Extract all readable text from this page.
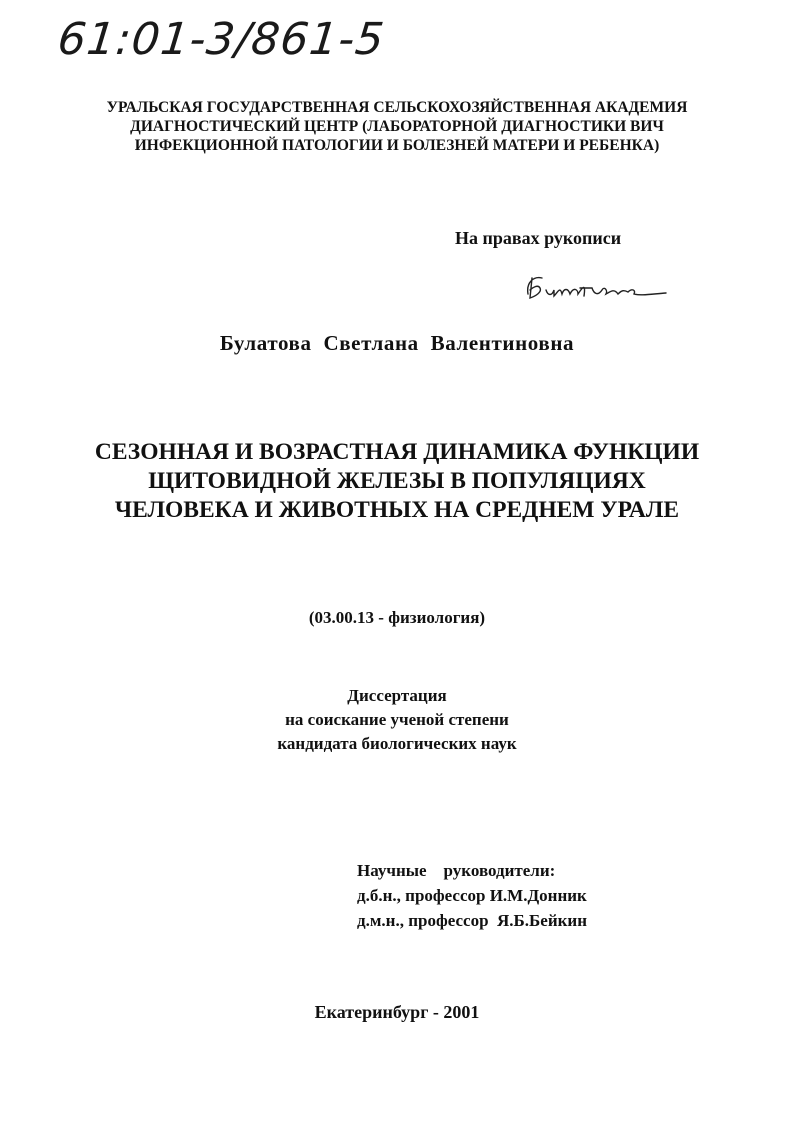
61:01-3/861-5
УРАЛЬСКАЯ ГОСУДАРСТВЕННАЯ СЕЛЬСКОХОЗЯЙСТВЕННАЯ АКАДЕМИЯ
ДИАГНОСТИЧЕСКИЙ ЦЕНТР (ЛАБОРАТОРНОЙ ДИАГНОСТИКИ ВИЧ
ИНФЕКЦИОННОЙ ПАТОЛОГИИ И БОЛЕЗНЕЙ МАТЕРИ И РЕБЕНКА)
На правах рукописи
Булатова Светлана Валентиновна
СЕЗОННАЯ И ВОЗРАСТНАЯ ДИНАМИКА ФУНКЦИИ
ЩИТОВИДНОЙ ЖЕЛЕЗЫ В ПОПУЛЯЦИЯХ
ЧЕЛОВЕКА И ЖИВОТНЫХ НА СРЕДНЕМ УРАЛЕ
(03.00.13 - физиология)
Диссертация
на соискание ученой степени
кандидата биологических наук
Научные    руководители:
д.б.н., профессор И.М.Донник
д.м.н., профессор  Я.Б.Бейкин
Екатеринбург - 2001
